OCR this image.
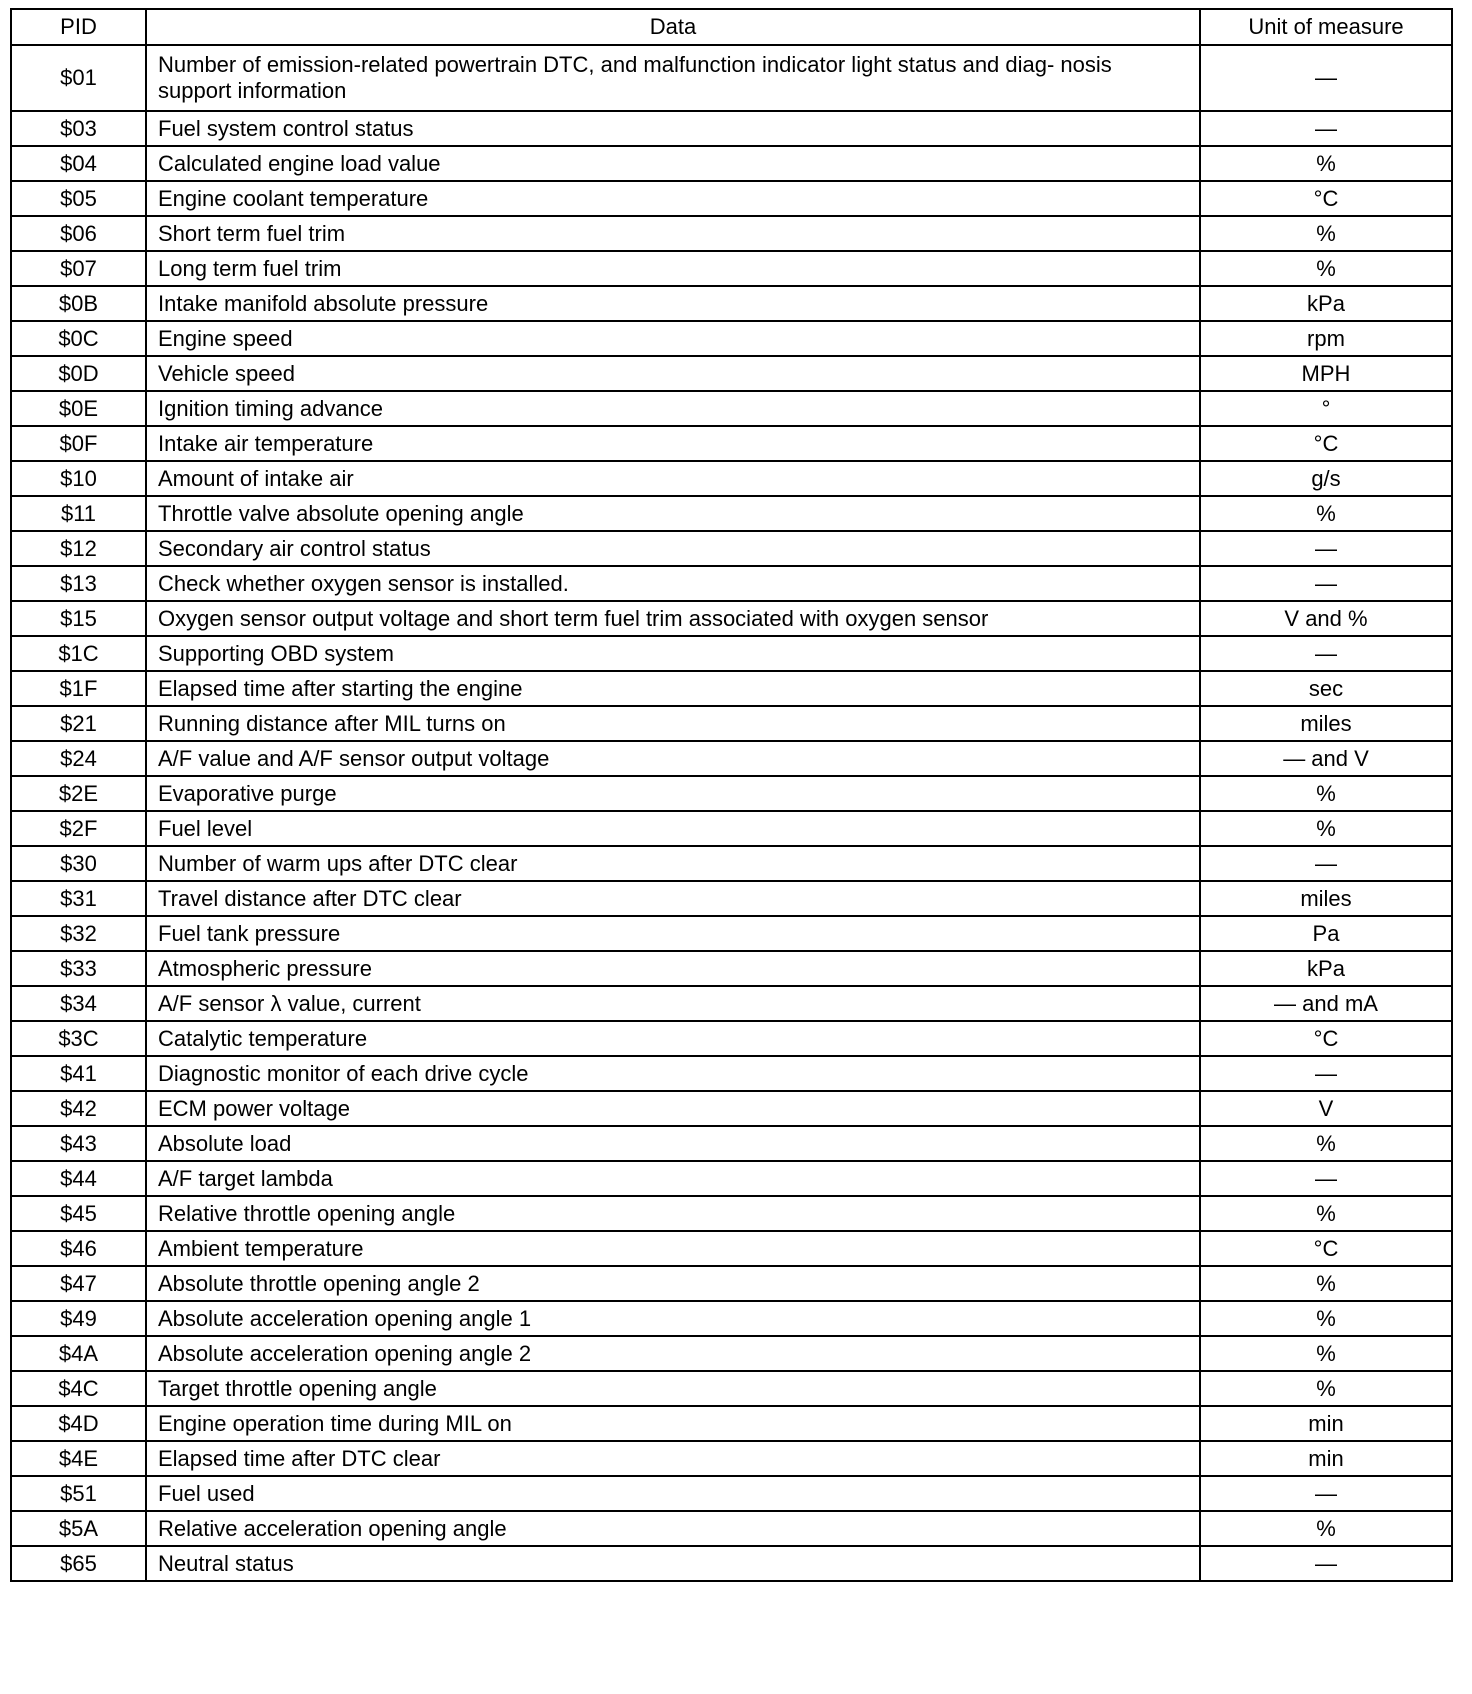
PID	Data	Unit of measure
$01	Number of emission-related powertrain DTC, and malfunction indicator light status and diag- nosis support information	—
$03	Fuel system control status	—
$04	Calculated engine load value	%
$05	Engine coolant temperature	°C
$06	Short term fuel trim	%
$07	Long term fuel trim	%
$0B	Intake manifold absolute pressure	kPa
$0C	Engine speed	rpm
$0D	Vehicle speed	MPH
$0E	Ignition timing advance	°
$0F	Intake air temperature	°C
$10	Amount of intake air	g/s
$11	Throttle valve absolute opening angle	%
$12	Secondary air control status	—
$13	Check whether oxygen sensor is installed.	—
$15	Oxygen sensor output voltage and short term fuel trim associated with oxygen sensor	V and %
$1C	Supporting OBD system	—
$1F	Elapsed time after starting the engine	sec
$21	Running distance after MIL turns on	miles
$24	A/F value and A/F sensor output voltage	— and V
$2E	Evaporative purge	%
$2F	Fuel level	%
$30	Number of warm ups after DTC clear	—
$31	Travel distance after DTC clear	miles
$32	Fuel tank pressure	Pa
$33	Atmospheric pressure	kPa
$34	A/F sensor λ value, current	— and mA
$3C	Catalytic temperature	°C
$41	Diagnostic monitor of each drive cycle	—
$42	ECM power voltage	V
$43	Absolute load	%
$44	A/F target lambda	—
$45	Relative throttle opening angle	%
$46	Ambient temperature	°C
$47	Absolute throttle opening angle 2	%
$49	Absolute acceleration opening angle 1	%
$4A	Absolute acceleration opening angle 2	%
$4C	Target throttle opening angle	%
$4D	Engine operation time during MIL on	min
$4E	Elapsed time after DTC clear	min
$51	Fuel used	—
$5A	Relative acceleration opening angle	%
$65	Neutral status	—
